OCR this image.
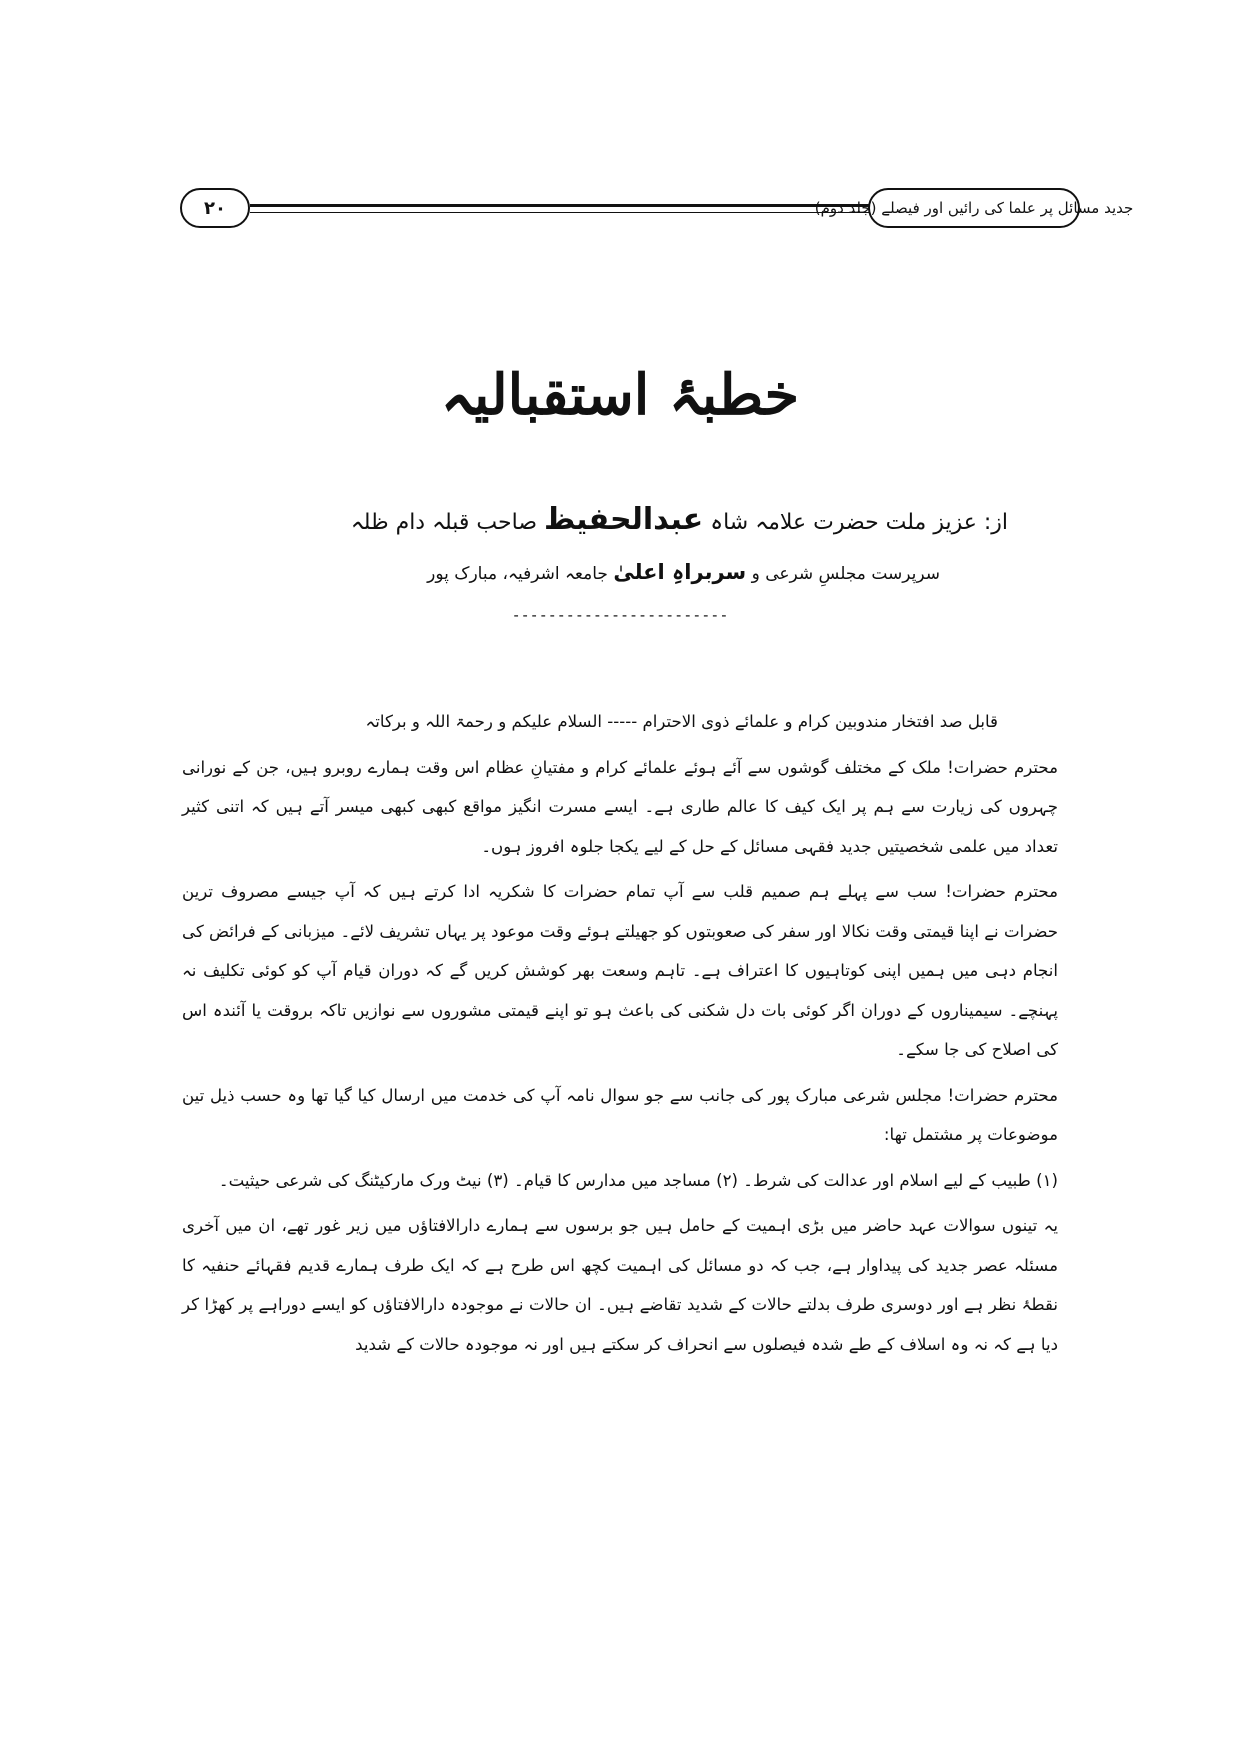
۲۰	جدید مسائل پر علما کی رائیں اور فیصلے (جلد دوم)
خطبۂ استقبالیہ
از: عزیز ملت حضرت علامہ شاہ عبدالحفیظ صاحب قبلہ دام ظلہ
سرپرست مجلسِ شرعی و سربراہِ اعلیٰ جامعہ اشرفیہ، مبارک پور
------------------------

قابل صد افتخار مندوبین کرام و علمائے ذوی الاحترام ----- السلام علیکم و رحمۃ اللہ و برکاتہ

محترم حضرات! ملک کے مختلف گوشوں سے آئے ہوئے علمائے کرام و مفتیانِ عظام اس وقت ہمارے روبرو ہیں، جن کے نورانی چہروں کی زیارت سے ہم پر ایک کیف کا عالم طاری ہے۔ ایسے مسرت انگیز مواقع کبھی کبھی میسر آتے ہیں کہ اتنی کثیر تعداد میں علمی شخصیتیں جدید فقہی مسائل کے حل کے لیے یکجا جلوہ افروز ہوں۔

محترم حضرات! سب سے پہلے ہم صمیم قلب سے آپ تمام حضرات کا شکریہ ادا کرتے ہیں کہ آپ جیسے مصروف ترین حضرات نے اپنا قیمتی وقت نکالا اور سفر کی صعوبتوں کو جھیلتے ہوئے وقت موعود پر یہاں تشریف لائے۔ میزبانی کے فرائض کی انجام دہی میں ہمیں اپنی کوتاہیوں کا اعتراف ہے۔ تاہم وسعت بھر کوشش کریں گے کہ دوران قیام آپ کو کوئی تکلیف نہ پہنچے۔ سیمیناروں کے دوران اگر کوئی بات دل شکنی کی باعث ہو تو اپنے قیمتی مشوروں سے نوازیں تاکہ بروقت یا آئندہ اس کی اصلاح کی جا سکے۔

محترم حضرات! مجلس شرعی مبارک پور کی جانب سے جو سوال نامہ آپ کی خدمت میں ارسال کیا گیا تھا وہ حسب ذیل تین موضوعات پر مشتمل تھا:

(۱) طبیب کے لیے اسلام اور عدالت کی شرط۔ (۲) مساجد میں مدارس کا قیام۔ (۳) نیٹ ورک مارکیٹنگ کی شرعی حیثیت۔

یہ تینوں سوالات عہد حاضر میں بڑی اہمیت کے حامل ہیں جو برسوں سے ہمارے دارالافتاؤں میں زیر غور تھے، ان میں آخری مسئلہ عصر جدید کی پیداوار ہے، جب کہ دو مسائل کی اہمیت کچھ اس طرح ہے کہ ایک طرف ہمارے قدیم فقہائے حنفیہ کا نقطۂ نظر ہے اور دوسری طرف بدلتے حالات کے شدید تقاضے ہیں۔ ان حالات نے موجودہ دارالافتاؤں کو ایسے دوراہے پر کھڑا کر دیا ہے کہ نہ وہ اسلاف کے طے شدہ فیصلوں سے انحراف کر سکتے ہیں اور نہ موجودہ حالات کے شدید
